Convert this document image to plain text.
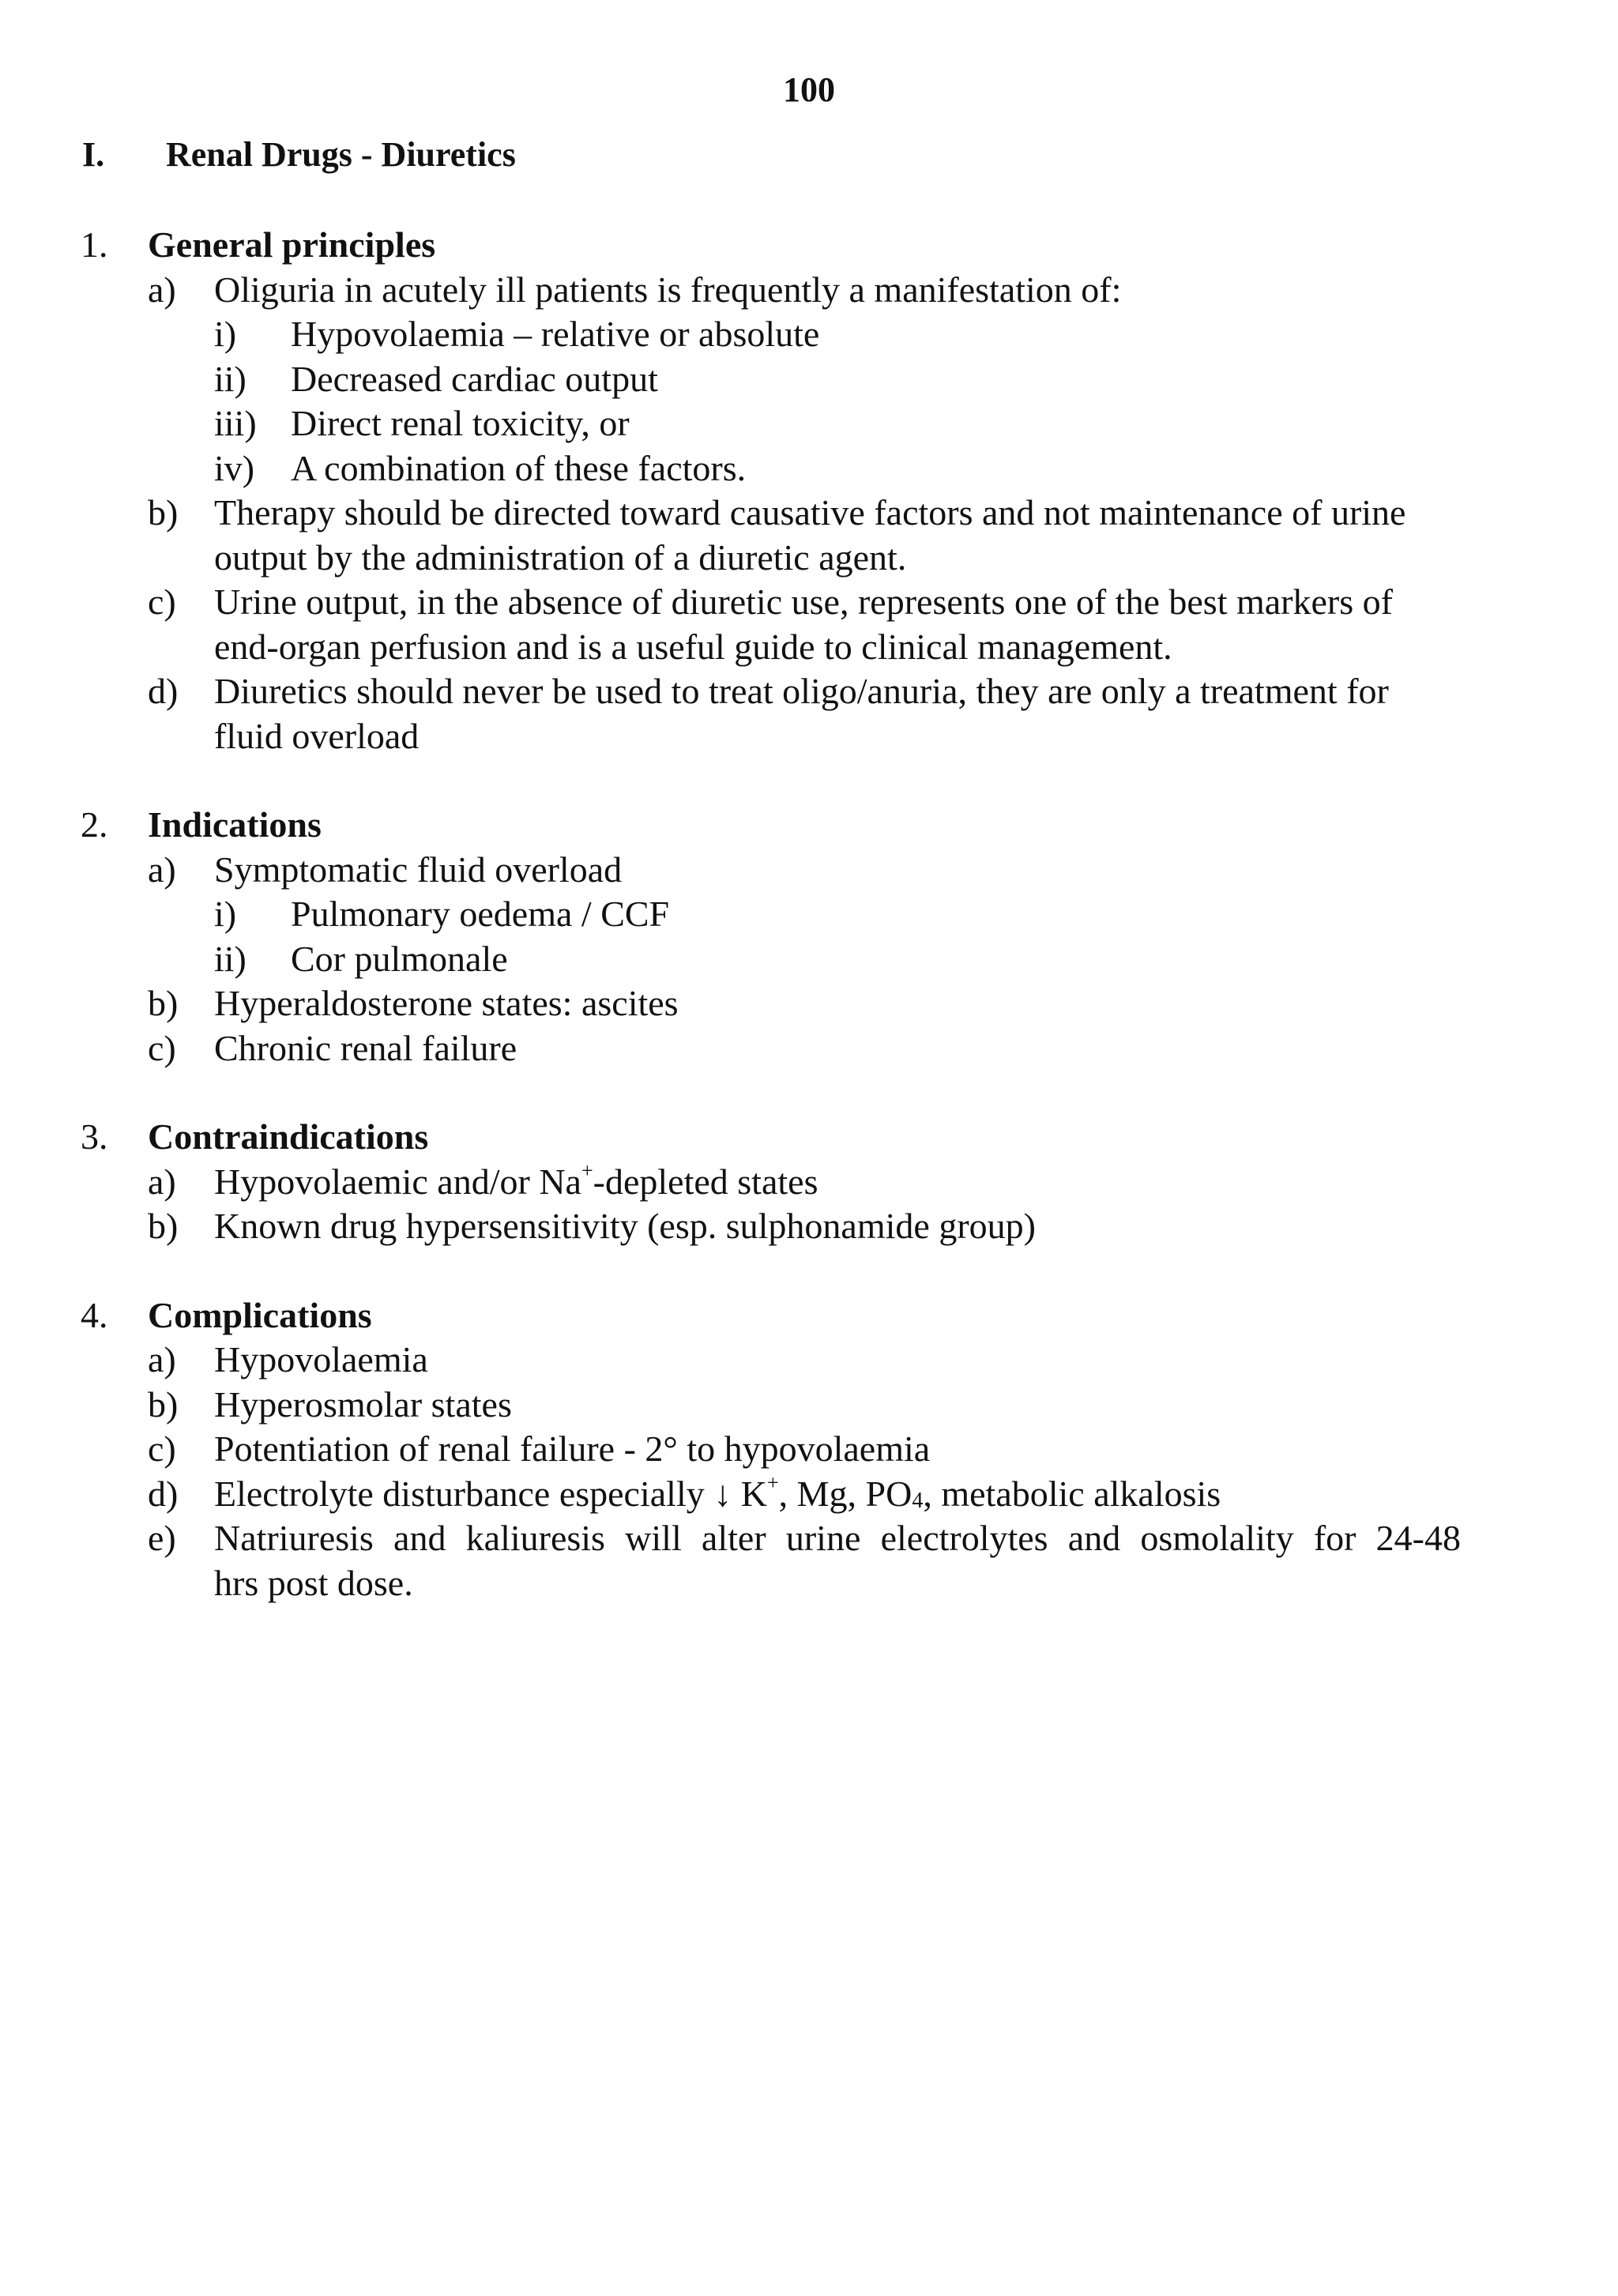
100
I. Renal Drugs - Diuretics
1. General principles
a) Oliguria in acutely ill patients is frequently a manifestation of:
i) Hypovolaemia – relative or absolute
ii) Decreased cardiac output
iii) Direct renal toxicity, or
iv) A combination of these factors.
b) Therapy should be directed toward causative factors and not maintenance of urine
output by the administration of a diuretic agent.
c) Urine output, in the absence of diuretic use, represents one of the best markers of
end-organ perfusion and is a useful guide to clinical management.
d) Diuretics should never be used to treat oligo/anuria, they are only a treatment for
fluid overload
2. Indications
a) Symptomatic fluid overload
i) Pulmonary oedema / CCF
ii) Cor pulmonale
b) Hyperaldosterone states: ascites
c) Chronic renal failure
3. Contraindications
a) Hypovolaemic and/or Na+-depleted states
b) Known drug hypersensitivity (esp. sulphonamide group)
4. Complications
a) Hypovolaemia
b) Hyperosmolar states
c) Potentiation of renal failure - 2° to hypovolaemia
d) Electrolyte disturbance especially ↓ K+, Mg, $PO_4$, metabolic alkalosis
e) Natriuresis and kaliuresis will alter urine electrolytes and osmolality for 24-48
hrs post dose.
